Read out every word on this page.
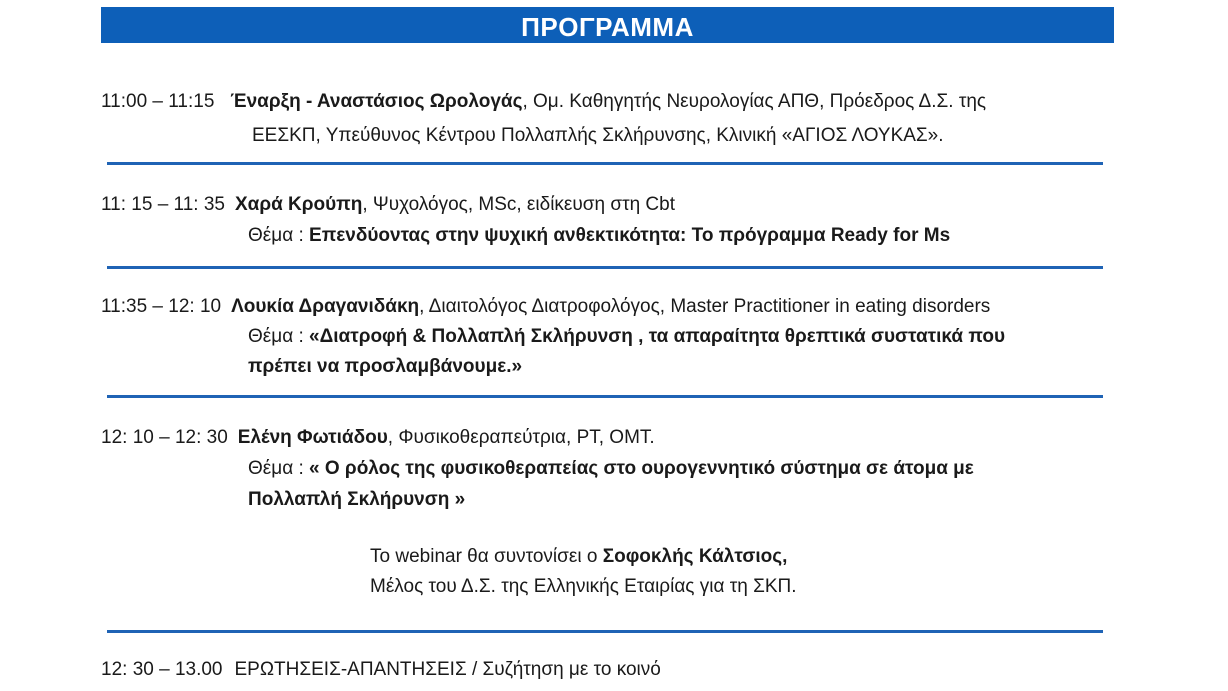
ΠΡΟΓΡΑΜΜΑ
11:00 – 11:15 Έναρξη - Αναστάσιος Ωρολογάς, Ομ. Καθηγητής Νευρολογίας ΑΠΘ, Πρόεδρος Δ.Σ. της
ΕΕΣΚΠ, Υπεύθυνος Κέντρου Πολλαπλής Σκλήρυνσης, Κλινική «ΑΓΙΟΣ ΛΟΥΚΑΣ».
11: 15 – 11: 35 Χαρά Κρούπη, Ψυχολόγος, MSc, ειδίκευση στη Cbt
Θέμα : Επενδύοντας στην ψυχική ανθεκτικότητα: Το πρόγραμμα Ready for Ms
11:35 – 12: 10 Λουκία Δραγανιδάκη, Διαιτολόγος Διατροφολόγος, Master Practitioner in eating disorders
Θέμα : «Διατροφή & Πολλαπλή Σκλήρυνση , τα απαραίτητα θρεπτικά συστατικά που
πρέπει να προσλαμβάνουμε.»
12: 10 – 12: 30 Ελένη Φωτιάδου, Φυσικοθεραπεύτρια, PT, OMT.
Θέμα : « Ο ρόλος της φυσικοθεραπείας στο ουρογεννητικό σύστημα σε άτομα με
Πολλαπλή Σκλήρυνση »
Το webinar θα συντονίσει ο Σοφοκλής Κάλτσιος,
Μέλος του Δ.Σ. της Ελληνικής Εταιρίας για τη ΣΚΠ.
12: 30 – 13.00 ΕΡΩΤΗΣΕΙΣ-ΑΠΑΝΤΗΣΕΙΣ / Συζήτηση με το κοινό
